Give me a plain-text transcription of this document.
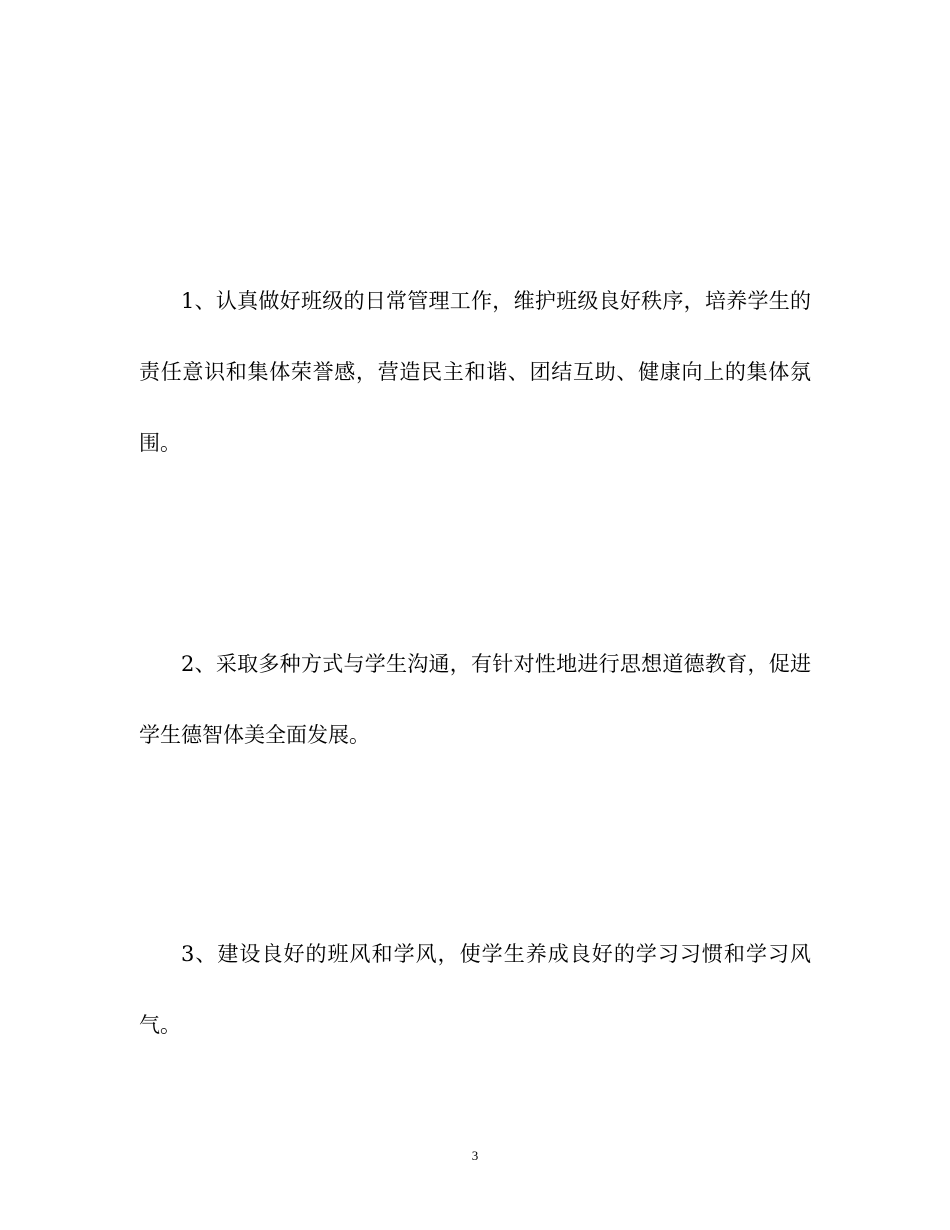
1、认真做好班级的日常管理工作，维护班级良好秩序，培养学生的责任意识和集体荣誉感，营造民主和谐、团结互助、健康向上的集体氛围。

2、采取多种方式与学生沟通，有针对性地进行思想道德教育，促进学生德智体美全面发展。

3、建设良好的班风和学风，使学生养成良好的学习习惯和学习风气。

3
